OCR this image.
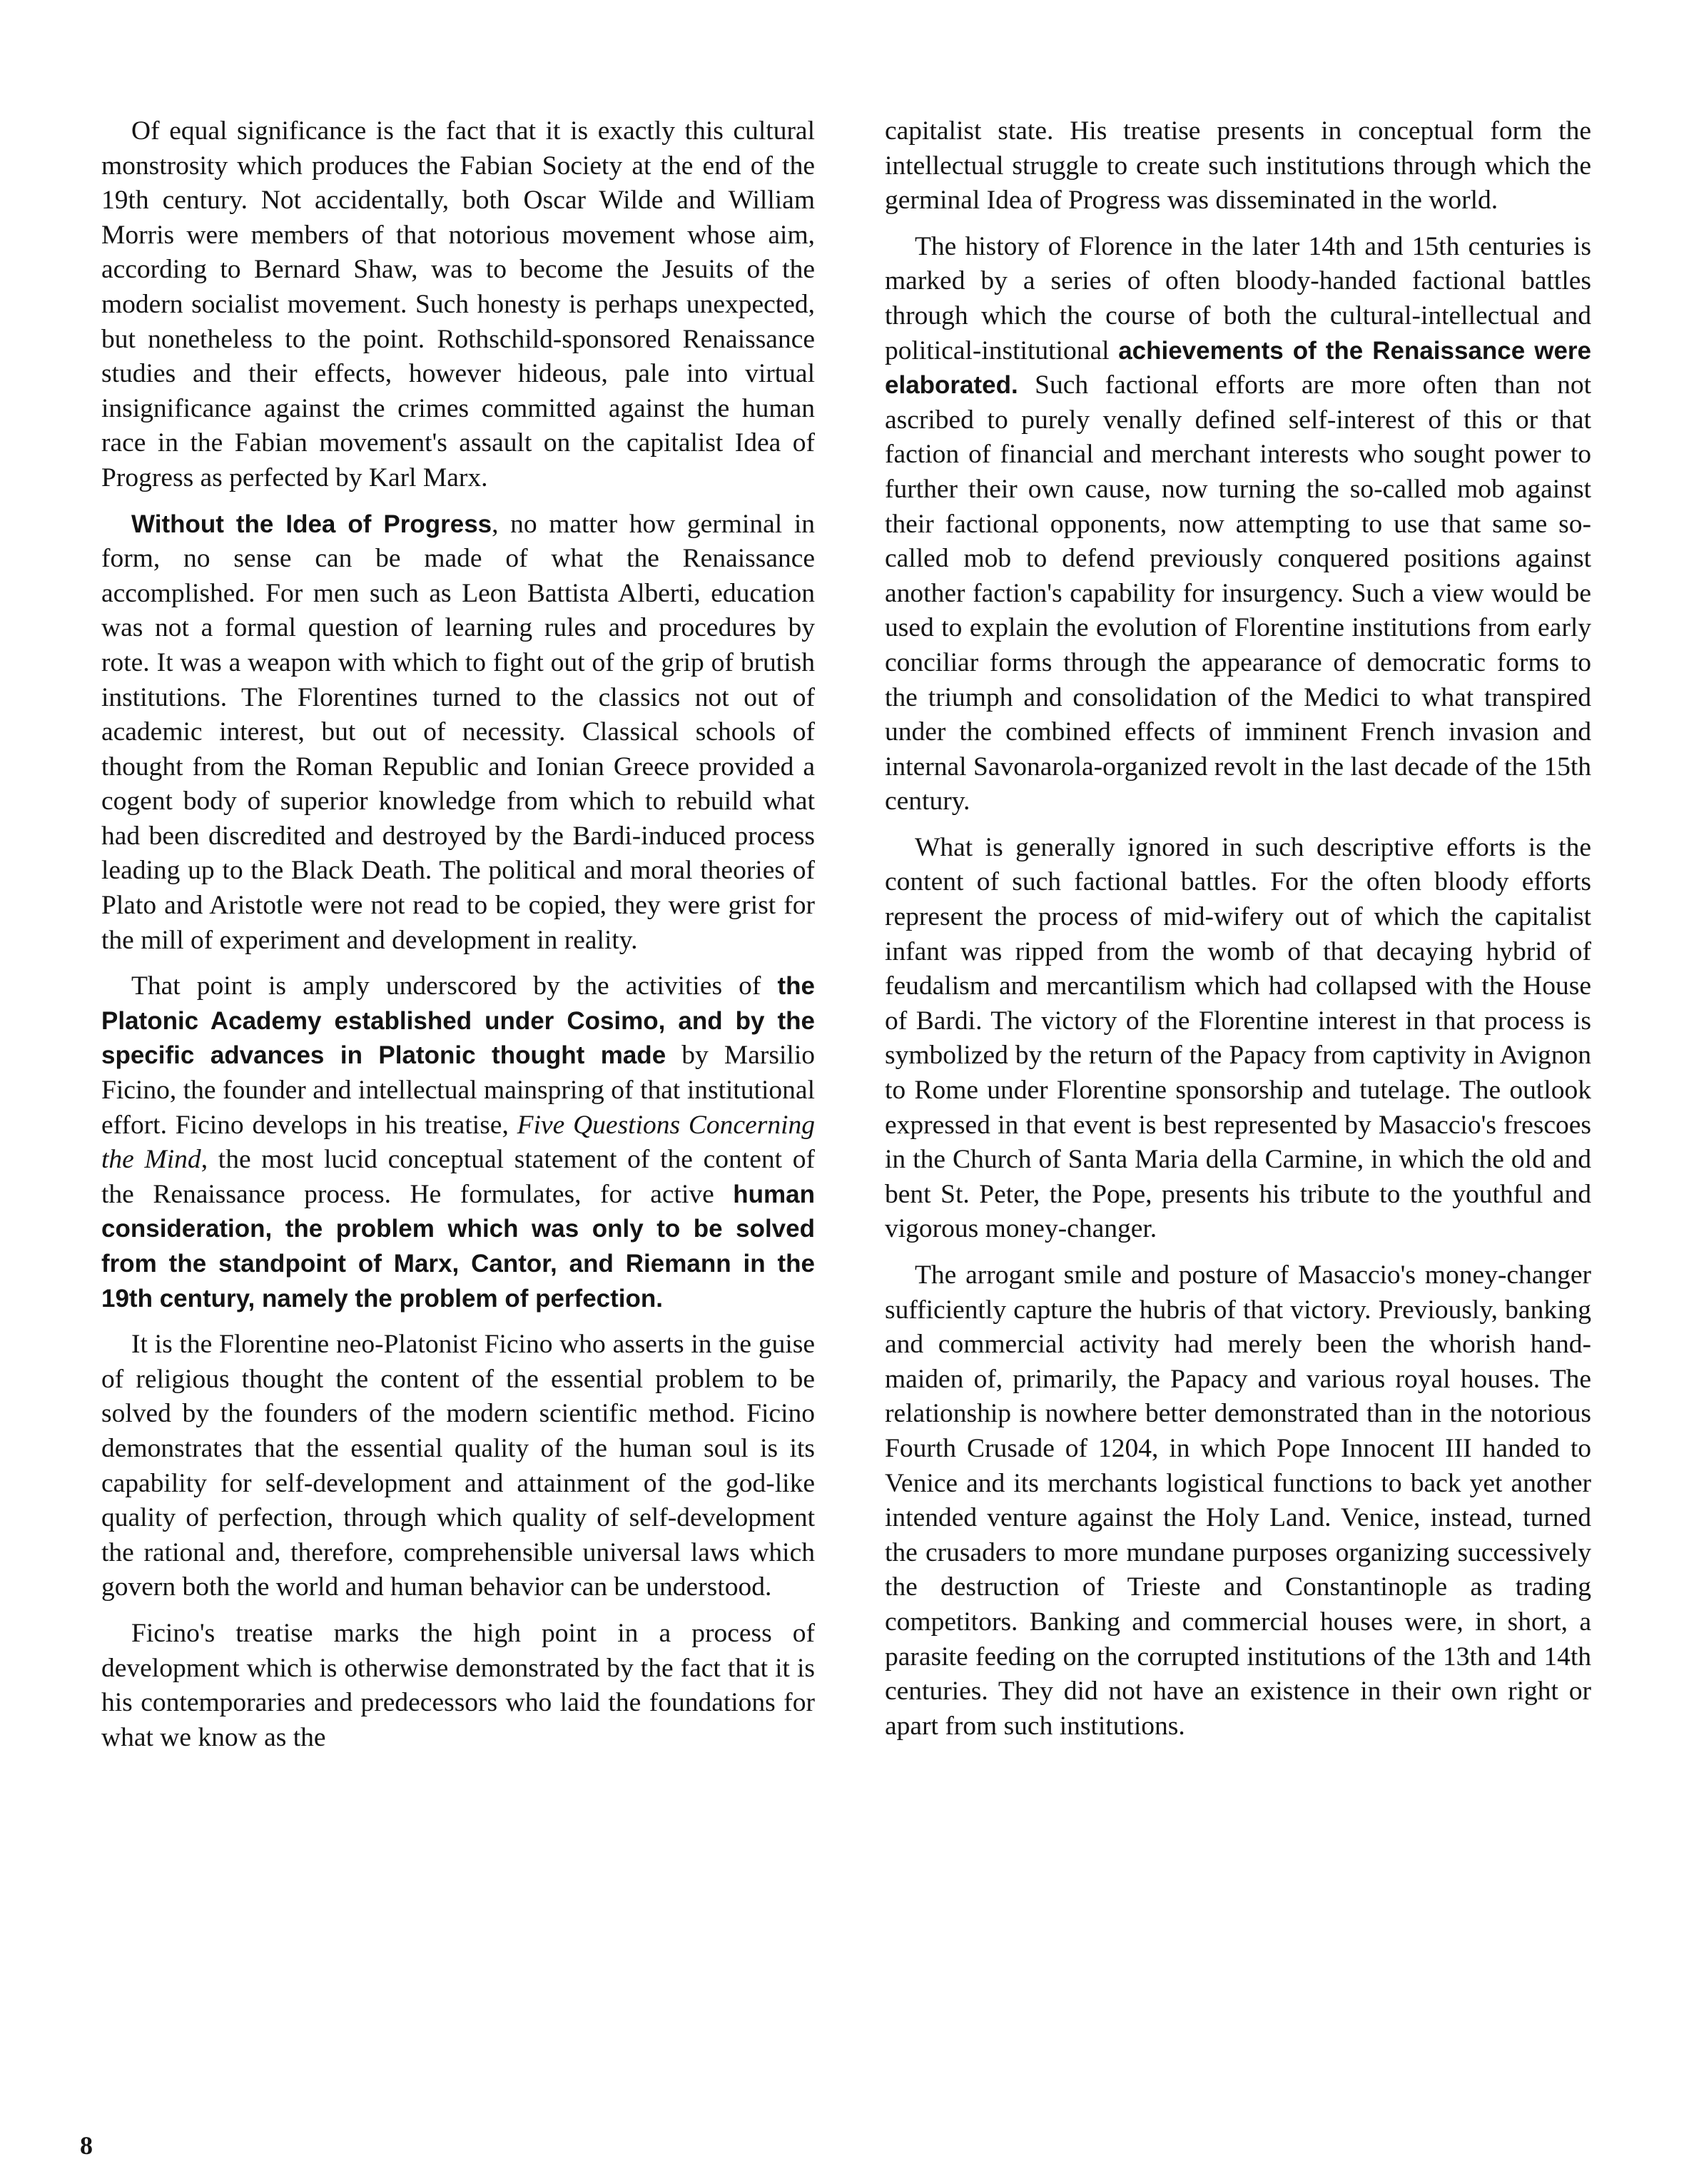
Of equal significance is the fact that it is exactly this cultural monstrosity which produces the Fabian Society at the end of the 19th century. Not accidentally, both Oscar Wilde and William Morris were members of that notorious movement whose aim, according to Bernard Shaw, was to become the Jesuits of the modern socialist movement. Such honesty is perhaps unexpected, but nonetheless to the point. Rothschild-sponsored Renaissance studies and their effects, however hideous, pale into virtual insignificance against the crimes committed against the human race in the Fabian movement's assault on the capitalist Idea of Progress as perfected by Karl Marx.

Without the Idea of Progress, no matter how germinal in form, no sense can be made of what the Renaissance accomplished. For men such as Leon Battista Alberti, education was not a formal question of learning rules and procedures by rote. It was a weapon with which to fight out of the grip of brutish institutions. The Florentines turned to the classics not out of academic interest, but out of necessity. Classical schools of thought from the Roman Republic and Ionian Greece provided a cogent body of superior knowledge from which to rebuild what had been discredited and destroyed by the Bardi-induced process leading up to the Black Death. The political and moral theories of Plato and Aristotle were not read to be copied, they were grist for the mill of experiment and development in reality.

That point is amply underscored by the activities of the Platonic Academy established under Cosimo, and by the specific advances in Platonic thought made by Marsilio Ficino, the founder and intellectual mainspring of that institutional effort. Ficino develops in his treatise, Five Questions Concerning the Mind, the most lucid conceptual statement of the content of the Renaissance process. He formulates, for active human consideration, the problem which was only to be solved from the standpoint of Marx, Cantor, and Riemann in the 19th century, namely the problem of perfection.

It is the Florentine neo-Platonist Ficino who asserts in the guise of religious thought the content of the essential problem to be solved by the founders of the modern scientific method. Ficino demonstrates that the essential quality of the human soul is its capability for self-development and attainment of the god-like quality of perfection, through which quality of self-development the rational and, therefore, comprehensible universal laws which govern both the world and human behavior can be understood.

Ficino's treatise marks the high point in a process of development which is otherwise demonstrated by the fact that it is his contemporaries and predecessors who laid the foundations for what we know as the

capitalist state. His treatise presents in conceptual form the intellectual struggle to create such institutions through which the germinal Idea of Progress was disseminated in the world.

The history of Florence in the later 14th and 15th centuries is marked by a series of often bloody-handed factional battles through which the course of both the cultural-intellectual and political-institutional achievements of the Renaissance were elaborated. Such factional efforts are more often than not ascribed to purely venally defined self-interest of this or that faction of financial and merchant interests who sought power to further their own cause, now turning the so-called mob against their factional opponents, now attempting to use that same so-called mob to defend previously conquered positions against another faction's capability for insurgency. Such a view would be used to explain the evolution of Florentine institutions from early conciliar forms through the appearance of democratic forms to the triumph and consolidation of the Medici to what transpired under the combined effects of imminent French invasion and internal Savonarola-organized revolt in the last decade of the 15th century.

What is generally ignored in such descriptive efforts is the content of such factional battles. For the often bloody efforts represent the process of mid-wifery out of which the capitalist infant was ripped from the womb of that decaying hybrid of feudalism and mercantilism which had collapsed with the House of Bardi. The victory of the Florentine interest in that process is symbolized by the return of the Papacy from captivity in Avignon to Rome under Florentine sponsorship and tutelage. The outlook expressed in that event is best represented by Masaccio's frescoes in the Church of Santa Maria della Carmine, in which the old and bent St. Peter, the Pope, presents his tribute to the youthful and vigorous money-changer.

The arrogant smile and posture of Masaccio's money-changer sufficiently capture the hubris of that victory. Previously, banking and commercial activity had merely been the whorish hand-maiden of, primarily, the Papacy and various royal houses. The relationship is nowhere better demonstrated than in the notorious Fourth Crusade of 1204, in which Pope Innocent III handed to Venice and its merchants logistical functions to back yet another intended venture against the Holy Land. Venice, instead, turned the crusaders to more mundane purposes organizing successively the destruction of Trieste and Constantinople as trading competitors. Banking and commercial houses were, in short, a parasite feeding on the corrupted institutions of the 13th and 14th centuries. They did not have an existence in their own right or apart from such institutions.

8
